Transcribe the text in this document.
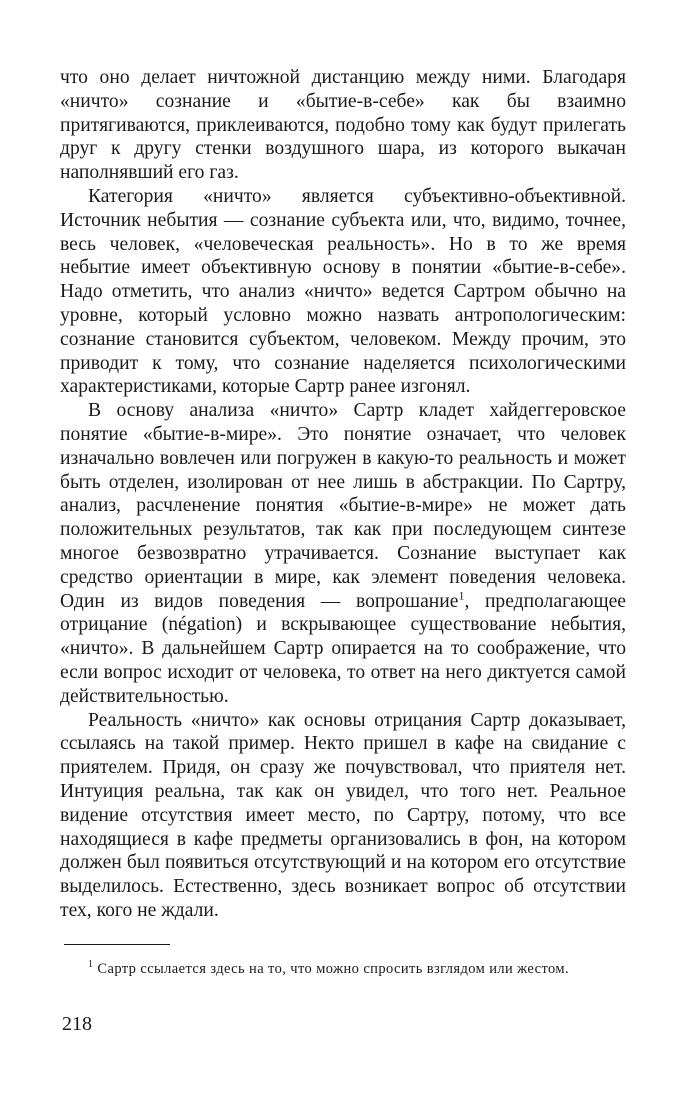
что оно делает ничтожной дистанцию между ними. Благодаря «ничто» сознание и «бытие-в-себе» как бы взаимно притягиваются, приклеиваются, подобно тому как будут прилегать друг к другу стенки воздушного шара, из которого выкачан наполнявший его газ.

Категория «ничто» является субъективно-объективной. Источник небытия — сознание субъекта или, что, видимо, точнее, весь человек, «человеческая реальность». Но в то же время небытие имеет объективную основу в понятии «бытие-в-себе». Надо отметить, что анализ «ничто» ведется Сартром обычно на уровне, который условно можно назвать антропологическим: сознание становится субъектом, человеком. Между прочим, это приводит к тому, что сознание наделяется психологическими характеристиками, которые Сартр ранее изгонял.

В основу анализа «ничто» Сартр кладет хайдеггеровское понятие «бытие-в-мире». Это понятие означает, что человек изначально вовлечен или погружен в какую-то реальность и может быть отделен, изолирован от нее лишь в абстракции. По Сартру, анализ, расчленение понятия «бытие-в-мире» не может дать положительных результатов, так как при последующем синтезе многое безвозвратно утрачивается. Сознание выступает как средство ориентации в мире, как элемент поведения человека. Один из видов поведения — вопрошание$^1$, предполагающее отрицание (négation) и вскрывающее существование небытия, «ничто». В дальнейшем Сартр опирается на то соображение, что если вопрос исходит от человека, то ответ на него диктуется самой действительностью.

Реальность «ничто» как основы отрицания Сартр доказывает, ссылаясь на такой пример. Некто пришел в кафе на свидание с приятелем. Придя, он сразу же почувствовал, что приятеля нет. Интуиция реальна, так как он увидел, что того нет. Реальное видение отсутствия имеет место, по Сартру, потому, что все находящиеся в кафе предметы организовались в фон, на котором должен был появиться отсутствующий и на котором его отсутствие выделилось. Естественно, здесь возникает вопрос об отсутствии тех, кого не ждали.

$^1$ Сартр ссылается здесь на то, что можно спросить взглядом или жестом.

218
